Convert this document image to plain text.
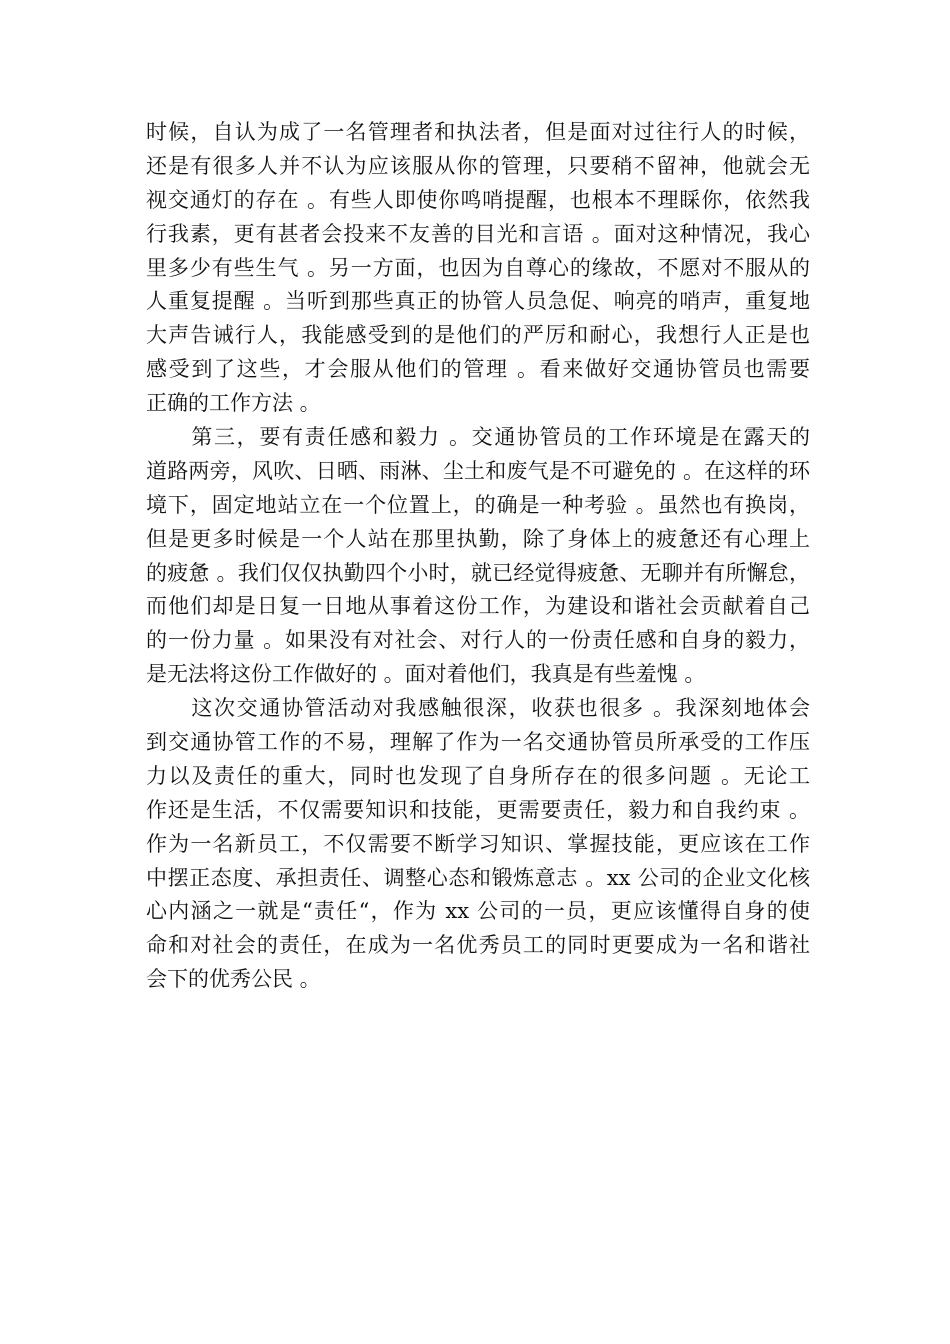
时候，自认为成了一名管理者和执法者，但是面对过往行人的时候，
还是有很多人并不认为应该服从你的管理，只要稍不留神，他就会无
视交通灯的存在 。有些人即使你鸣哨提醒，也根本不理睬你，依然我
行我素，更有甚者会投来不友善的目光和言语 。面对这种情况，我心
里多少有些生气 。另一方面，也因为自尊心的缘故，不愿对不服从的
人重复提醒 。当听到那些真正的协管人员急促、响亮的哨声，重复地
大声告诫行人，我能感受到的是他们的严厉和耐心，我想行人正是也
感受到了这些，才会服从他们的管理 。看来做好交通协管员也需要
正确的工作方法 。
　　第三，要有责任感和毅力 。交通协管员的工作环境是在露天的
道路两旁，风吹、日晒、雨淋、尘土和废气是不可避免的 。在这样的环
境下，固定地站立在一个位置上，的确是一种考验 。虽然也有换岗，
但是更多时候是一个人站在那里执勤，除了身体上的疲惫还有心理上
的疲惫 。我们仅仅执勤四个小时，就已经觉得疲惫、无聊并有所懈怠，
而他们却是日复一日地从事着这份工作，为建设和谐社会贡献着自己
的一份力量 。如果没有对社会、对行人的一份责任感和自身的毅力，
是无法将这份工作做好的 。面对着他们，我真是有些羞愧 。
　　这次交通协管活动对我感触很深，收获也很多 。我深刻地体会
到交通协管工作的不易，理解了作为一名交通协管员所承受的工作压
力以及责任的重大，同时也发现了自身所存在的很多问题 。无论工
作还是生活，不仅需要知识和技能，更需要责任，毅力和自我约束 。
作为一名新员工，不仅需要不断学习知识、掌握技能，更应该在工作
中摆正态度、承担责任、调整心态和锻炼意志 。xx 公司的企业文化核
心内涵之一就是“责任“，作为 xx 公司的一员，更应该懂得自身的使
命和对社会的责任，在成为一名优秀员工的同时更要成为一名和谐社
会下的优秀公民 。
